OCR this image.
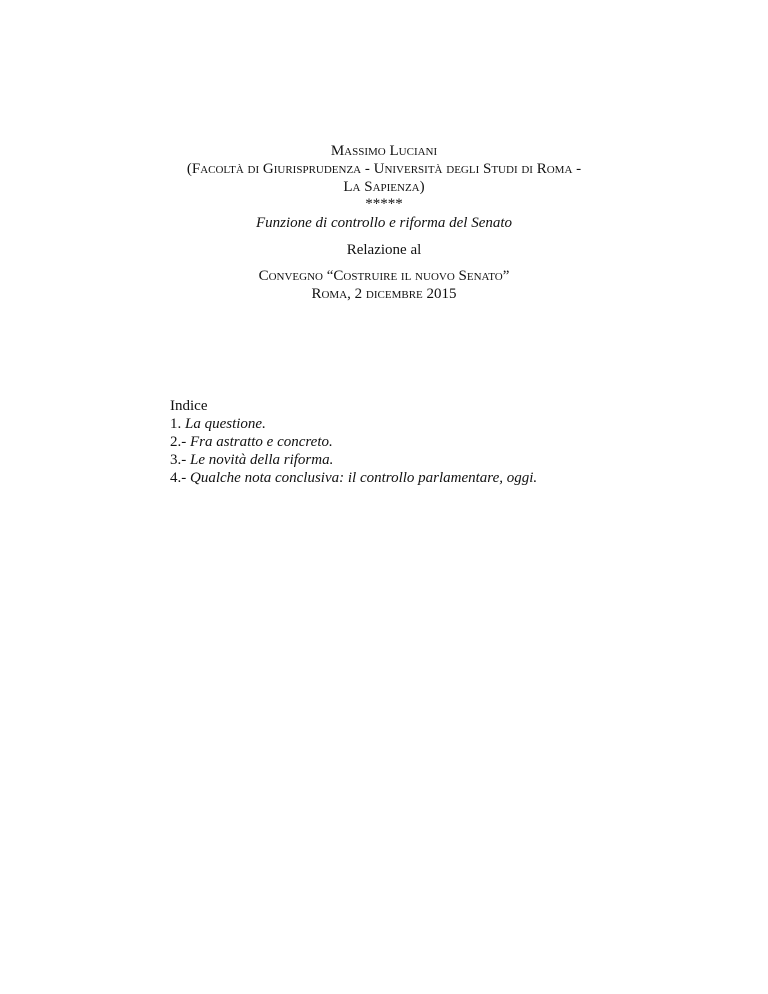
Massimo Luciani
(Facoltà di Giurisprudenza - Università degli Studi di Roma -
La Sapienza)
*****
Funzione di controllo e riforma del Senato
Relazione al
Convegno “Costruire il nuovo Senato”
Roma, 2 dicembre 2015
Indice
1. La questione.
2.- Fra astratto e concreto.
3.- Le novità della riforma.
4.- Qualche nota conclusiva: il controllo parlamentare, oggi.
